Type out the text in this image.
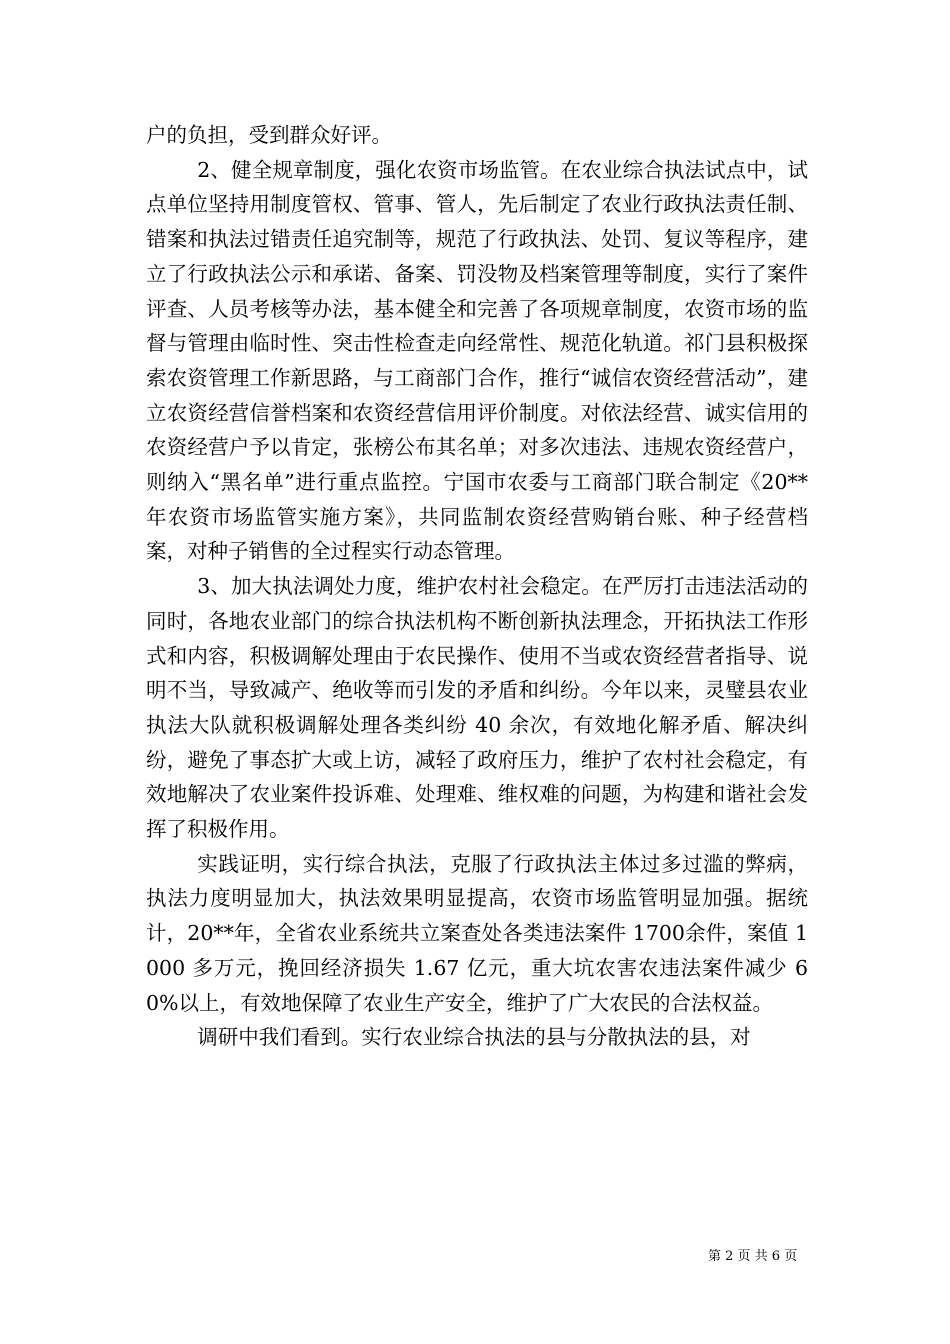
户的负担，受到群众好评。

2、健全规章制度，强化农资市场监管。在农业综合执法试点中，试点单位坚持用制度管权、管事、管人，先后制定了农业行政执法责任制、错案和执法过错责任追究制等，规范了行政执法、处罚、复议等程序，建立了行政执法公示和承诺、备案、罚没物及档案管理等制度，实行了案件评查、人员考核等办法，基本健全和完善了各项规章制度，农资市场的监督与管理由临时性、突击性检查走向经常性、规范化轨道。祁门县积极探索农资管理工作新思路，与工商部门合作，推行“诚信农资经营活动”，建立农资经营信誉档案和农资经营信用评价制度。对依法经营、诚实信用的农资经营户予以肯定，张榜公布其名单；对多次违法、违规农资经营户，则纳入“黑名单”进行重点监控。宁国市农委与工商部门联合制定《20**年农资市场监管实施方案》，共同监制农资经营购销台账、种子经营档案，对种子销售的全过程实行动态管理。

3、加大执法调处力度，维护农村社会稳定。在严厉打击违法活动的同时，各地农业部门的综合执法机构不断创新执法理念，开拓执法工作形式和内容，积极调解处理由于农民操作、使用不当或农资经营者指导、说明不当，导致减产、绝收等而引发的矛盾和纠纷。今年以来，灵璧县农业执法大队就积极调解处理各类纠纷 40 余次，有效地化解矛盾、解决纠纷，避免了事态扩大或上访，减轻了政府压力，维护了农村社会稳定，有效地解决了农业案件投诉难、处理难、维权难的问题，为构建和谐社会发挥了积极作用。

实践证明，实行综合执法，克服了行政执法主体过多过滥的弊病，执法力度明显加大，执法效果明显提高，农资市场监管明显加强。据统计，20**年，全省农业系统共立案查处各类违法案件 1700余件，案值 1000 多万元，挽回经济损失 1.67 亿元，重大坑农害农违法案件减少 60%以上，有效地保障了农业生产安全，维护了广大农民的合法权益。

调研中我们看到。实行农业综合执法的县与分散执法的县，对

第 2 页 共 6 页
